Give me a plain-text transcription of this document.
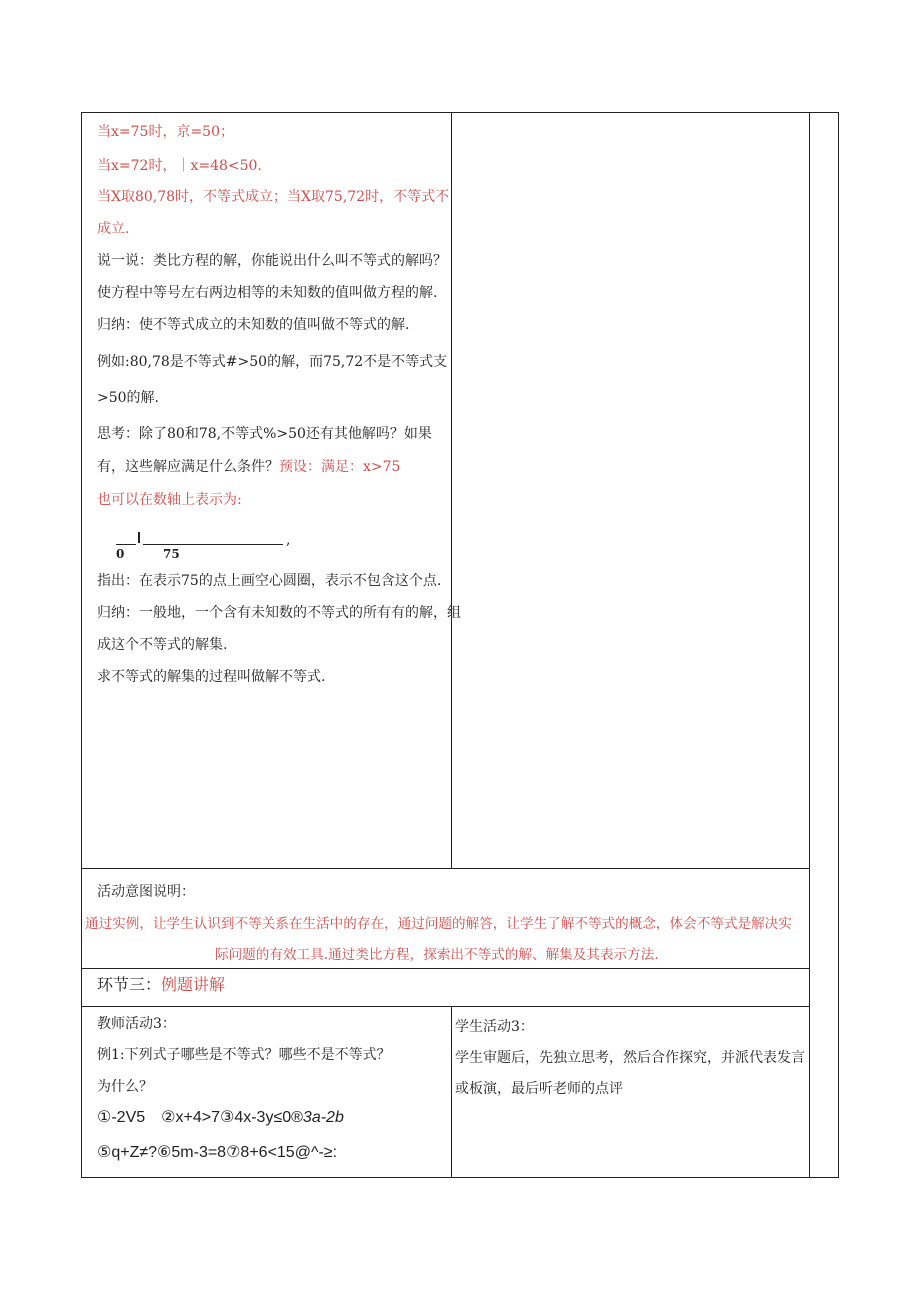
当x=75时，京=50；
当x=72时，｜x=48<50.
当X取80,78时，不等式成立；当X取75,72时，不等式不
成立.
说一说：类比方程的解，你能说出什么叫不等式的解吗？
使方程中等号左右两边相等的未知数的值叫做方程的解.
归纳：使不等式成立的未知数的值叫做不等式的解.
例如:80,78是不等式#>50的解，而75,72不是不等式支
>50的解.
思考：除了80和78,不等式%>50还有其他解吗？如果
有，这些解应满足什么条件？预设：满足：x>75
也可以在数轴上表示为:
,
0	75
指出：在表示75的点上画空心圆圈，表示不包含这个点.
归纳：一般地，一个含有未知数的不等式的所有有的解，组
成这个不等式的解集.
求不等式的解集的过程叫做解不等式.
活动意图说明：
通过实例，让学生认识到不等关系在生活中的存在，通过问题的解答，让学生了解不等式的概念，体会不等式是解决实
际问题的有效工具.通过类比方程，探索出不等式的解、解集及其表示方法.
环节三：例题讲解
教师活动3：
例1:下列式子哪些是不等式？哪些不是不等式？
为什么？
①-2V5　②x+4>7③4x-3y≤0®3a-2b
⑤q+Z≠?⑥5m-3=8⑦8+6<15@^-≥:
学生活动3：
学生审题后，先独立思考，然后合作探究，并派代表发言
或板演，最后听老师的点评
